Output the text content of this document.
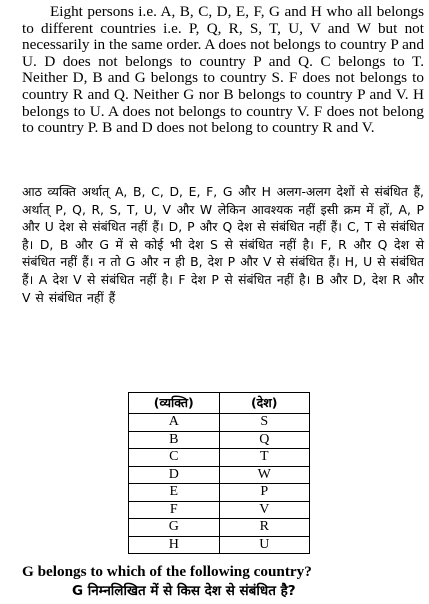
Eight persons i.e. A, B, C, D, E, F, G and H who all belongs to different countries i.e. P, Q, R, S, T, U, V and W but not necessarily in the same order. A does not belongs to country P and U. D does not belongs to country P and Q. C belongs to T. Neither D, B and G belongs to country S. F does not belongs to country R and Q. Neither G nor B belongs to country P and V. H belongs to U. A does not belongs to country V. F does not belong to country P. B and D does not belong to country R and V.

आठ व्यक्ति अर्थात् A, B, C, D, E, F, G और H अलग-अलग देशों से संबंधित हैं, अर्थात् P, Q, R, S, T, U, V और W लेकिन आवश्यक नहीं इसी क्रम में हों, A, P और U देश से संबंधित नहीं हैं। D, P और Q देश से संबंधित नहीं हैं। C, T से संबंधित है। D, B और G में से कोई भी देश S से संबंधित नहीं है। F, R और Q देश से संबंधित नहीं हैं। न तो G और न ही B, देश P और V से संबंधित हैं। H, U से संबंधित हैं। A देश V से संबंधित नहीं है। F देश P से संबंधित नहीं है। B और D, देश R और V से संबंधित नहीं हैं

(व्यक्ति)	(देश)
A	S
B	Q
C	T
D	W
E	P
F	V
G	R
H	U

G belongs to which of the following country?

G निम्नलिखित में से किस देश से संबंधित है?
